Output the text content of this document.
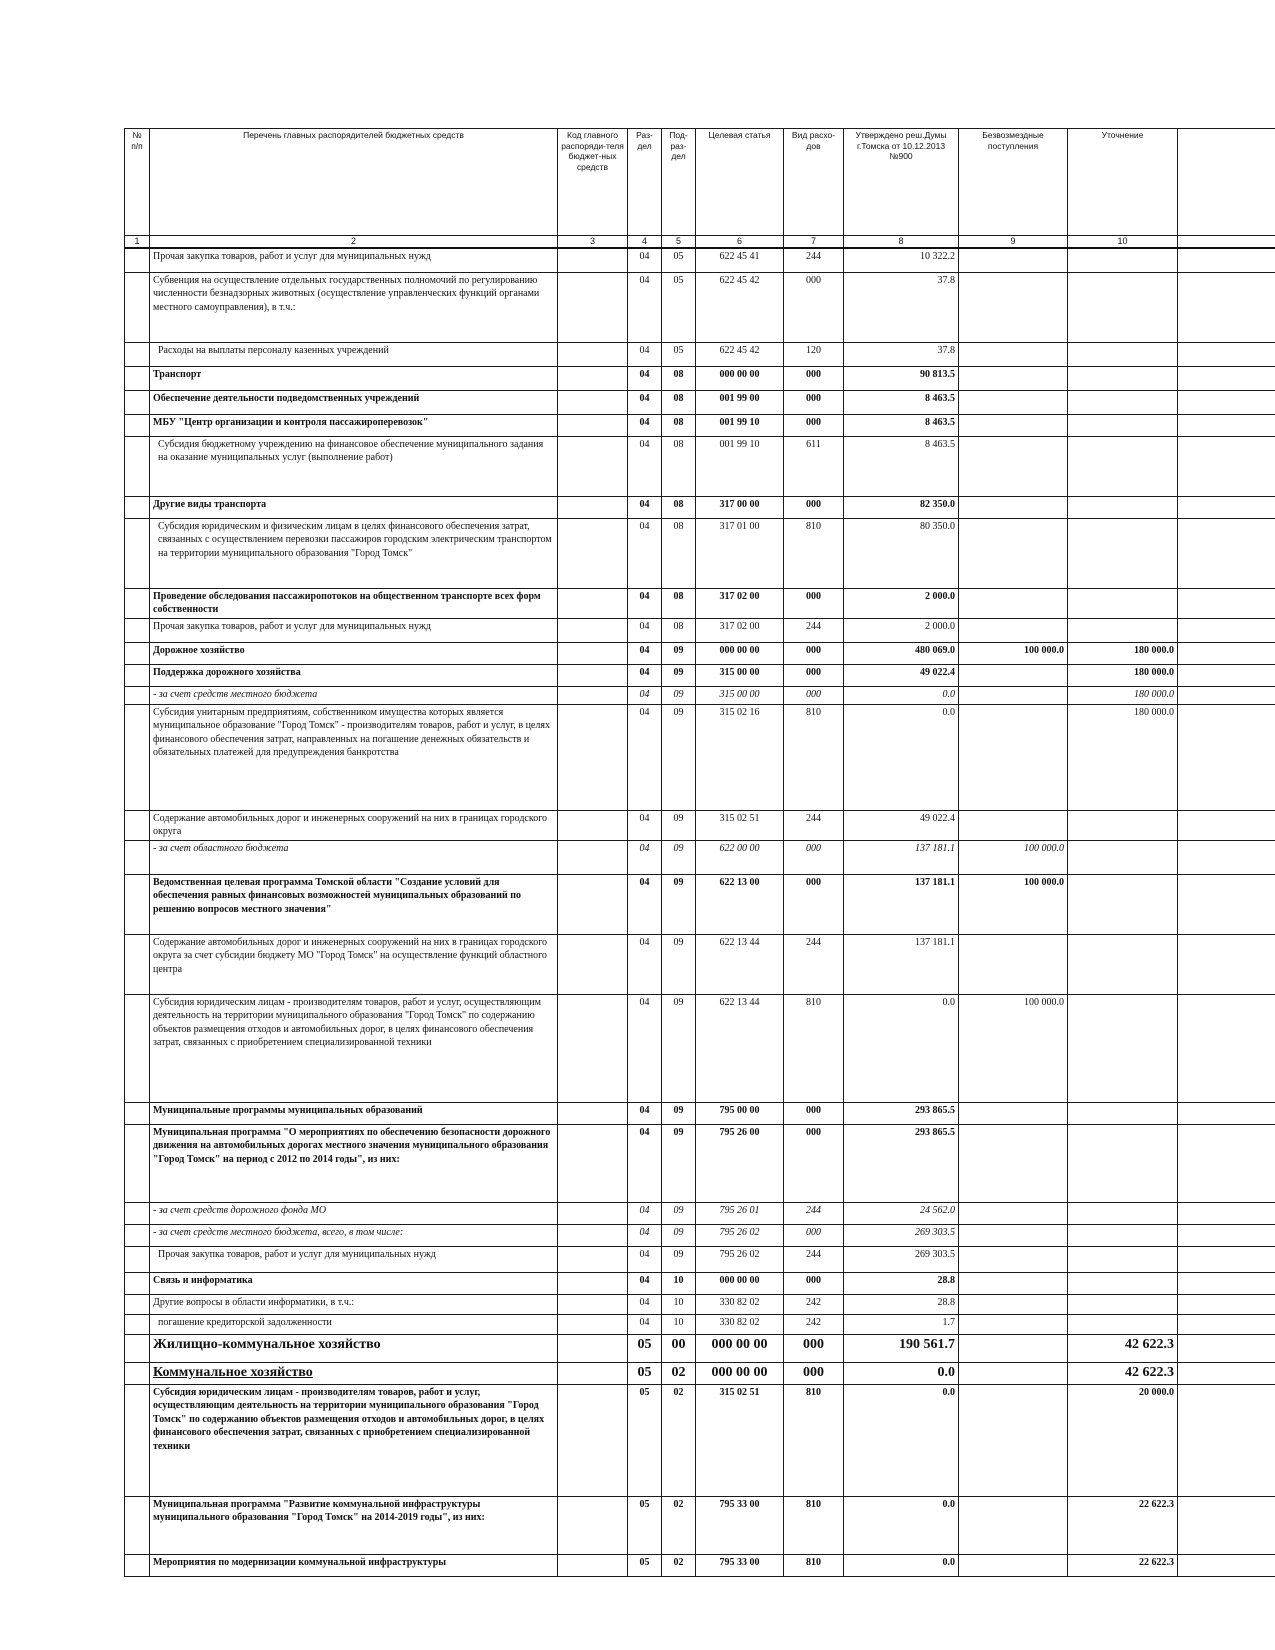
№ п/п	Перечень главных распорядителей бюджетных средств	Код главного распоряди-теля бюджет-ных средств	Раз-дел	Под-раз-дел	Целевая статья	Вид расхо-дов	Утверждено реш.Думы г.Томска от 10.12.2013 №900	Безвозмездные поступления	Уточнение	
1	2	3	4	5	6	7	8	9	10	
	Прочая закупка товаров, работ и услуг для муниципальных нужд		04	05	622 45 41	244	10 322.2			
	Субвенция на осуществление отдельных государственных полномочий по регулированию численности безнадзорных животных (осуществление управленческих функций органами местного самоуправления), в т.ч.:		04	05	622 45 42	000	37.8			
	Расходы на выплаты персоналу казенных учреждений		04	05	622 45 42	120	37.8			
	Транспорт		04	08	000 00 00	000	90 813.5			
	Обеспечение деятельности подведомственных учреждений		04	08	001 99 00	000	8 463.5			
	МБУ "Центр организации и контроля пассажироперевозок"		04	08	001 99 10	000	8 463.5			
	Субсидия бюджетному учреждению на финансовое обеспечение муниципального задания на оказание муниципальных услуг (выполнение работ)		04	08	001 99 10	611	8 463.5			
	Другие виды транспорта		04	08	317 00 00	000	82 350.0			
	Субсидия юридическим и физическим лицам в целях финансового обеспечения затрат, связанных с осуществлением перевозки пассажиров городским электрическим транспортом на территории муниципального образования "Город Томск"		04	08	317 01 00	810	80 350.0			
	Проведение обследования пассажиропотоков на общественном транспорте всех форм собственности		04	08	317 02 00	000	2 000.0			
	Прочая закупка товаров, работ и услуг для муниципальных нужд		04	08	317 02 00	244	2 000.0			
	Дорожное хозяйство		04	09	000 00 00	000	480 069.0	100 000.0	180 000.0	
	Поддержка дорожного хозяйства		04	09	315 00 00	000	49 022.4		180 000.0	
	- за счет средств местного бюджета		04	09	315 00 00	000	0.0		180 000.0	
	Субсидия унитарным предприятиям, собственником имущества которых является муниципальное образование "Город Томск" - производителям товаров, работ и услуг, в целях финансового обеспечения затрат, направленных на погашение денежных обязательств и обязательных платежей для предупреждения банкротства		04	09	315 02 16	810	0.0		180 000.0	
	Содержание автомобильных дорог и инженерных сооружений на них в границах городского округа		04	09	315 02 51	244	49 022.4			
	- за счет областного бюджета		04	09	622 00 00	000	137 181.1	100 000.0		
	Ведомственная целевая программа Томской области "Создание условий для обеспечения равных финансовых возможностей муниципальных образований по решению вопросов местного значения"		04	09	622 13 00	000	137 181.1	100 000.0		
	Содержание автомобильных дорог и инженерных сооружений на них в границах городского округа за счет субсидии бюджету МО "Город Томск" на осуществление функций областного центра		04	09	622 13 44	244	137 181.1			
	Субсидия юридическим лицам - производителям товаров, работ и услуг, осуществляющим деятельность на территории муниципального образования "Город Томск" по содержанию объектов размещения отходов и автомобильных дорог, в целях финансового обеспечения затрат, связанных с приобретением специализированной техники		04	09	622 13 44	810	0.0	100 000.0		
	Муниципальные программы муниципальных образований		04	09	795 00 00	000	293 865.5			
	Муниципальная программа "О мероприятиях по обеспечению безопасности дорожного движения на автомобильных дорогах местного значения муниципального образования "Город Томск" на период с 2012 по 2014 годы", из них:		04	09	795 26 00	000	293 865.5			
	- за счет средств дорожного фонда МО		04	09	795 26 01	244	24 562.0			
	- за счет средств местного бюджета, всего, в том числе:		04	09	795 26 02	000	269 303.5			
	Прочая закупка товаров, работ и услуг для муниципальных нужд		04	09	795 26 02	244	269 303.5			
	Связь и информатика		04	10	000 00 00	000	28.8			
	Другие вопросы в области информатики, в т.ч.:		04	10	330 82 02	242	28.8			
	погашение кредиторской задолженности		04	10	330 82 02	242	1.7			
	Жилищно-коммунальное хозяйство		05	00	000 00 00	000	190 561.7		42 622.3	
	Коммунальное хозяйство		05	02	000 00 00	000	0.0		42 622.3	
	Субсидия юридическим лицам - производителям товаров, работ и услуг, осуществляющим деятельность на территории муниципального образования "Город Томск" по содержанию объектов размещения отходов и автомобильных дорог, в целях финансового обеспечения затрат, связанных с приобретением специализированной техники		05	02	315 02 51	810	0.0		20 000.0	
	Муниципальная программа "Развитие коммунальной инфраструктуры муниципального образования "Город Томск" на 2014-2019 годы", из них:		05	02	795 33 00	810	0.0		22 622.3	
	Мероприятия по модернизации коммунальной инфраструктуры		05	02	795 33 00	810	0.0		22 622.3	
